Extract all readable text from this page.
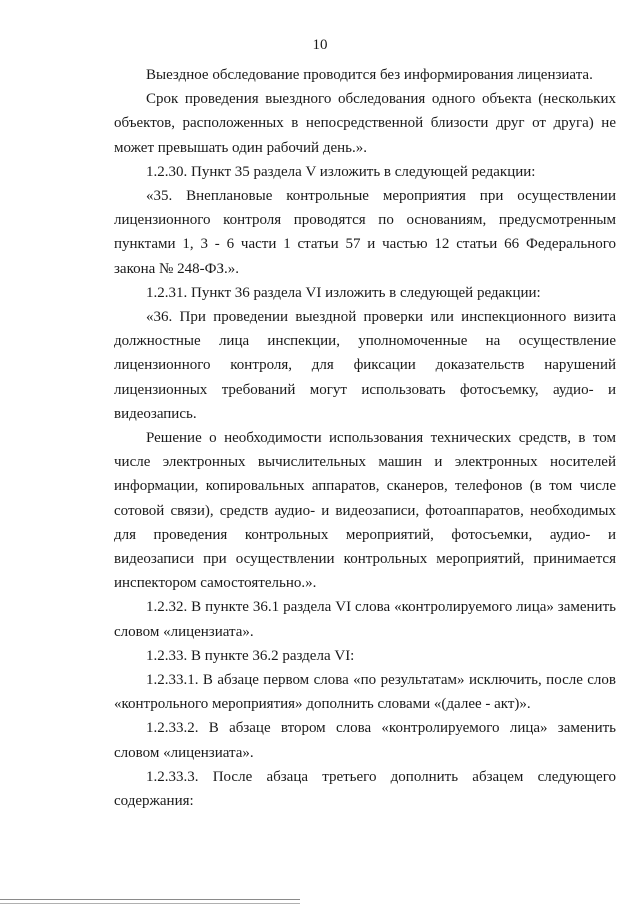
10

Выездное обследование проводится без информирования лицензиата.

Срок проведения выездного обследования одного объекта (нескольких объектов, расположенных в непосредственной близости друг от друга) не может превышать один рабочий день.».

1.2.30. Пункт 35 раздела V изложить в следующей редакции:

«35. Внеплановые контрольные мероприятия при осуществлении лицензионного контроля проводятся по основаниям, предусмотренным пунктами 1, 3 - 6 части 1 статьи 57 и частью 12 статьи 66 Федерального закона № 248-ФЗ.».

1.2.31. Пункт 36 раздела VI изложить в следующей редакции:

«36. При проведении выездной проверки или инспекционного визита должностные лица инспекции, уполномоченные на осуществление лицензионного контроля, для фиксации доказательств нарушений лицензионных требований могут использовать фотосъемку, аудио- и видеозапись.

Решение о необходимости использования технических средств, в том числе электронных вычислительных машин и электронных носителей информации, копировальных аппаратов, сканеров, телефонов (в том числе сотовой связи), средств аудио- и видеозаписи, фотоаппаратов, необходимых для проведения контрольных мероприятий, фотосъемки, аудио- и видеозаписи при осуществлении контрольных мероприятий, принимается инспектором самостоятельно.».

1.2.32. В пункте 36.1 раздела VI слова «контролируемого лица» заменить словом «лицензиата».

1.2.33. В пункте 36.2 раздела VI:

1.2.33.1. В абзаце первом слова «по результатам» исключить, после слов «контрольного мероприятия» дополнить словами «(далее - акт)».

1.2.33.2. В абзаце втором слова «контролируемого лица» заменить словом «лицензиата».

1.2.33.3. После абзаца третьего дополнить абзацем следующего содержания:
